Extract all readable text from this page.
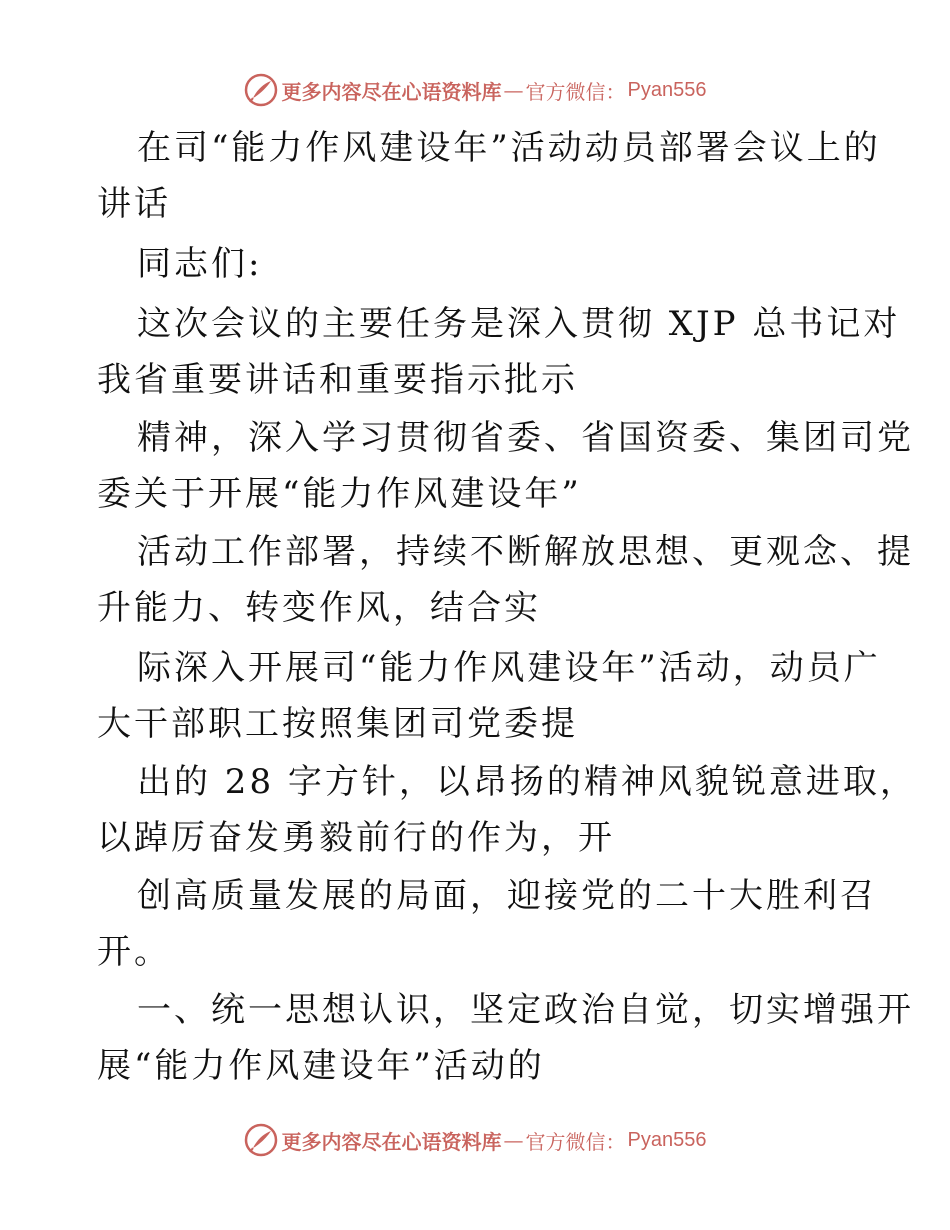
更多内容尽在心语资料库 — 官方微信： Pyan556
在司“能力作风建设年”活动动员部署会议上的
讲话
同志们:
这次会议的主要任务是深入贯彻 XJP 总书记对
我省重要讲话和重要指示批示
精神，深入学习贯彻省委、省国资委、集团司党
委关于开展“能力作风建设年”
活动工作部署，持续不断解放思想、更观念、提
升能力、转变作风，结合实
际深入开展司“能力作风建设年”活动，动员广
大干部职工按照集团司党委提
出的 28 字方针，以昂扬的精神风貌锐意进取，
以踔厉奋发勇毅前行的作为，开
创高质量发展的局面，迎接党的二十大胜利召
开。
一、统一思想认识，坚定政治自觉，切实增强开
展“能力作风建设年”活动的
更多内容尽在心语资料库 — 官方微信： Pyan556
